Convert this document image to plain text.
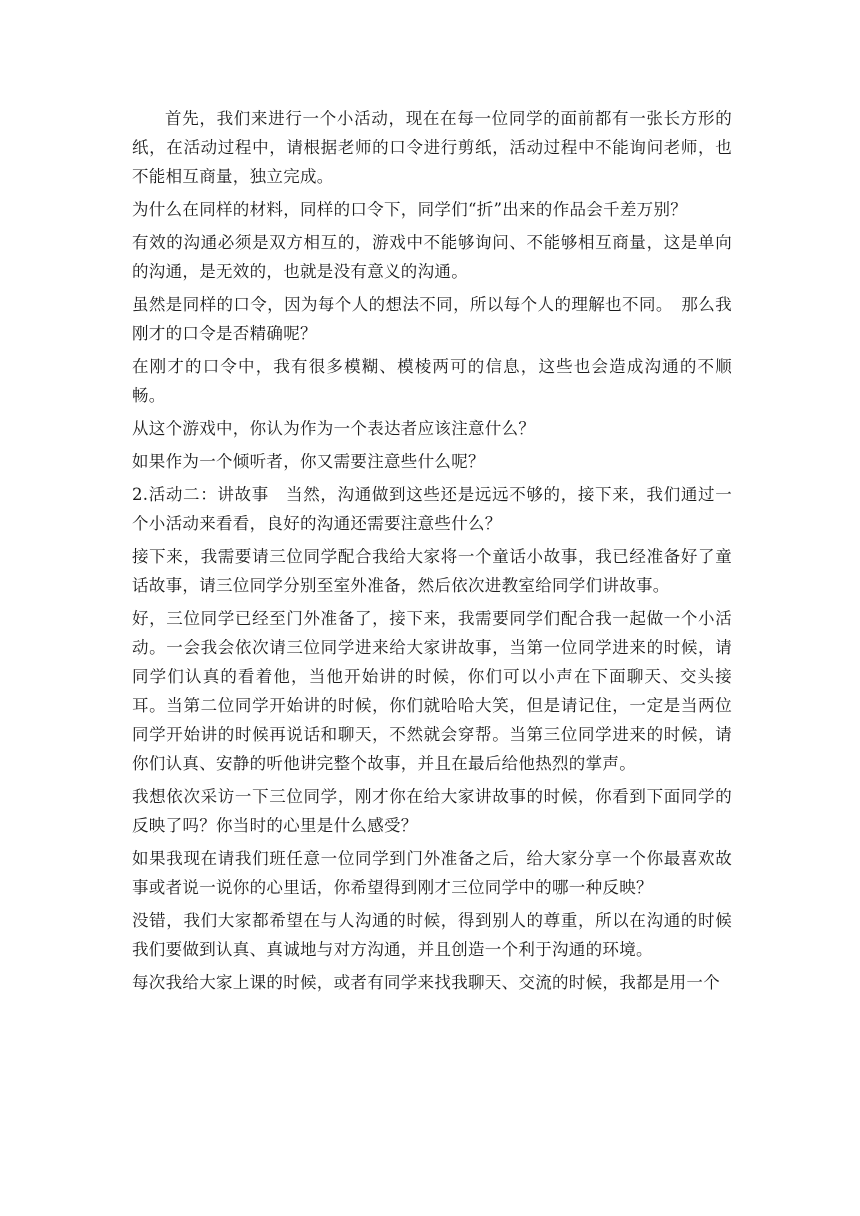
首先，我们来进行一个小活动，现在在每一位同学的面前都有一张长方形的纸，在活动过程中，请根据老师的口令进行剪纸，活动过程中不能询问老师，也不能相互商量，独立完成。

为什么在同样的材料，同样的口令下，同学们“折”出来的作品会千差万别？

有效的沟通必须是双方相互的，游戏中不能够询问、不能够相互商量，这是单向的沟通，是无效的，也就是没有意义的沟通。

虽然是同样的口令，因为每个人的想法不同，所以每个人的理解也不同。　那么我刚才的口令是否精确呢？

在刚才的口令中，我有很多模糊、模棱两可的信息，这些也会造成沟通的不顺畅。

从这个游戏中，你认为作为一个表达者应该注意什么？

如果作为一个倾听者，你又需要注意些什么呢？

2.活动二：讲故事　当然，沟通做到这些还是远远不够的，接下来，我们通过一个小活动来看看，良好的沟通还需要注意些什么？

接下来，我需要请三位同学配合我给大家将一个童话小故事，我已经准备好了童话故事，请三位同学分别至室外准备，然后依次进教室给同学们讲故事。

好，三位同学已经至门外准备了，接下来，我需要同学们配合我一起做一个小活动。一会我会依次请三位同学进来给大家讲故事，当第一位同学进来的时候，请同学们认真的看着他，当他开始讲的时候，你们可以小声在下面聊天、交头接耳。当第二位同学开始讲的时候，你们就哈哈大笑，但是请记住，一定是当两位同学开始讲的时候再说话和聊天，不然就会穿帮。当第三位同学进来的时候，请你们认真、安静的听他讲完整个故事，并且在最后给他热烈的掌声。

我想依次采访一下三位同学，刚才你在给大家讲故事的时候，你看到下面同学的反映了吗？你当时的心里是什么感受？

如果我现在请我们班任意一位同学到门外准备之后，给大家分享一个你最喜欢故事或者说一说你的心里话，你希望得到刚才三位同学中的哪一种反映？

没错，我们大家都希望在与人沟通的时候，得到别人的尊重，所以在沟通的时候我们要做到认真、真诚地与对方沟通，并且创造一个利于沟通的环境。

每次我给大家上课的时候，或者有同学来找我聊天、交流的时候，我都是用一个
